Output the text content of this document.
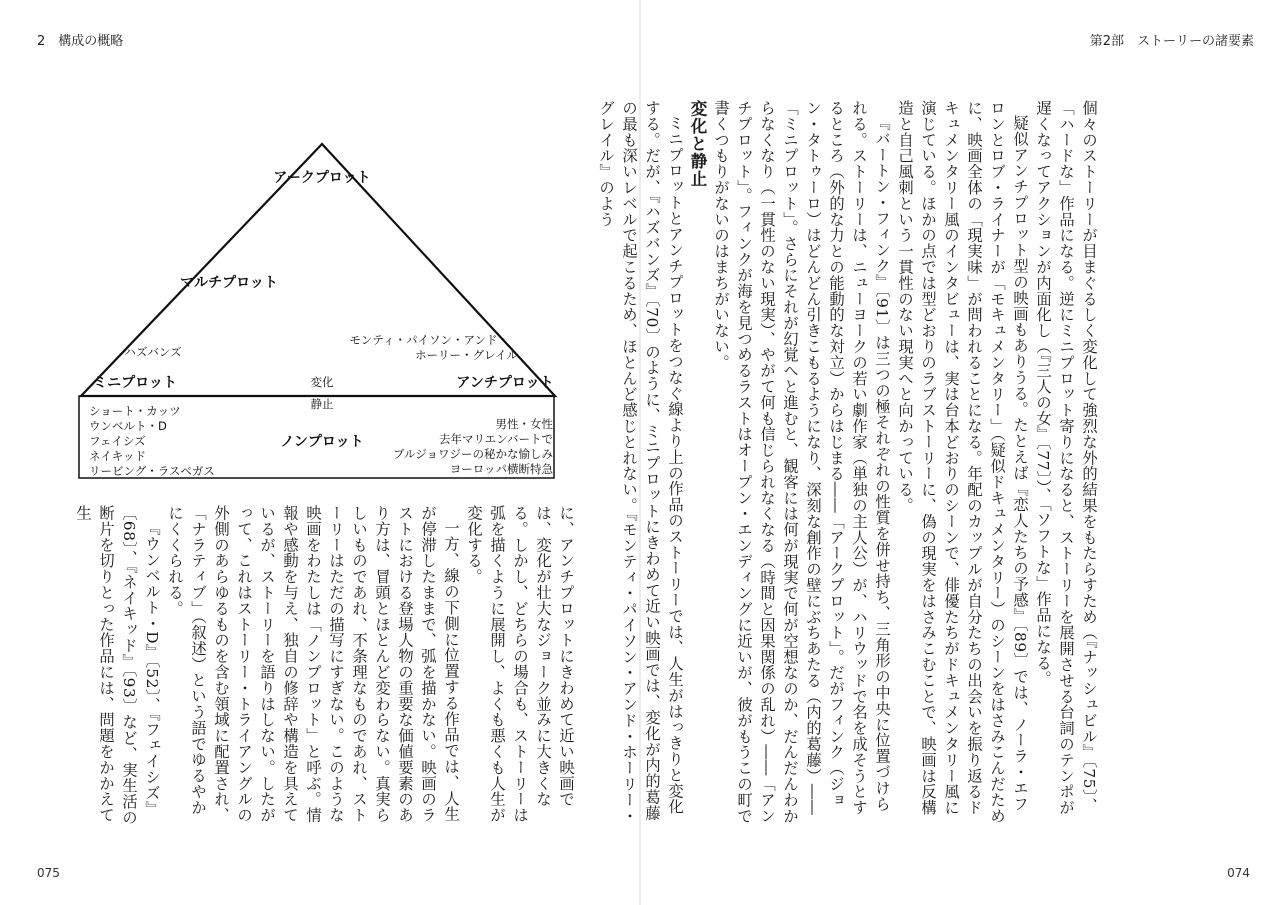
2　構成の概略	第2部　ストーリーの諸要素
アークプロット
マルチプロット
ハズバンズ
モンティ・パイソン・アンド・
ホーリー・グレイル
ミニプロット	アンチプロット
変化
静止
ノンプロット
ショート・カッツ
ウンベルト・D
フェイシズ
ネイキッド
リービング・ラスベガス
男性・女性
去年マリエンバートで
ブルジョワジーの秘かな愉しみ
ヨーロッパ横断特急	個々のストーリーが目まぐるしく変化して強烈な外的結果をもたらすため（『ナッシュビル』〔75〕、「ハードな」作品になる。逆にミニプロット寄りになると、ストーリーを展開させる台詞のテンポが遅くなってアクションが内面化し（『三人の女』〔77〕）、「ソフトな」作品になる。

疑似アンチプロット型の映画もありうる。たとえば『恋人たちの予感』〔89〕では、ノーラ・エフロンとロブ・ライナーが「モキュメンタリー」（疑似ドキュメンタリー）のシーンをはさみこんだために、映画全体の「現実味」が問われることになる。年配のカップルが自分たちの出会いを振り返るドキュメンタリー風のインタビューは、実は台本どおりのシーンで、俳優たちがドキュメンタリー風に演じている。ほかの点では型どおりのラブストーリーに、偽の現実をはさみこむことで、映画は反構造と自己風刺という一貫性のない現実へと向かっている。

『バートン・フィンク』〔91〕は三つの極それぞれの性質を併せ持ち、三角形の中央に位置づけられる。ストーリーは、ニューヨークの若い劇作家（単独の主人公）が、ハリウッドで名を成そうとするところ（外的な力との能動的な対立）からはじまる――「アークプロット」。だがフィンク（ジョン・タトゥーロ）はどんどん引きこもるようになり、深刻な創作の壁にぶちあたる（内的葛藤）――「ミニプロット」。さらにそれが幻覚へと進むと、観客には何が現実で何が空想なのか、だんだんわからなくなり（一貫性のない現実）、やがて何も信じられなくなる（時間と因果関係の乱れ）――「アンチプロット」。フィンクが海を見つめるラストはオープン・エンディングに近いが、彼がもうこの町で書くつもりがないのはまちがいない。

変化と静止

ミニプロットとアンチプロットをつなぐ線より上の作品のストーリーでは、人生がはっきりと変化する。だが、『ハズバンズ』〔70〕のように、ミニプロットにきわめて近い映画では、変化が内的葛藤の最も深いレベルで起こるため、ほとんど感じとれない。『モンティ・パイソン・アンド・ホーリー・グレイル』のよう

に、アンチプロットにきわめて近い映画では、変化が壮大なジョーク並みに大きくなる。しかし、どちらの場合も、ストーリーは弧を描くように展開し、よくも悪くも人生が変化する。

一方、線の下側に位置する作品では、人生が停滞したままで、弧を描かない。映画のラストにおける登場人物の重要な価値要素のあり方は、冒頭とほとんど変わらない。真実らしいものであれ、不条理なものであれ、ストーリーはただの描写にすぎない。このような映画をわたしは「ノンプロット」と呼ぶ。情報や感動を与え、独自の修辞や構造を具えているが、ストーリーを語りはしない。したがって、これはストーリー・トライアングルの外側のあらゆるものを含む領域に配置され、「ナラティブ」（叙述）という語でゆるやかにくくられる。

『ウンベルト・D』〔52〕、『フェイシズ』〔68〕、『ネイキッド』〔93〕など、実生活の断片を切りとった作品には、問題をかかえて生

075	074
